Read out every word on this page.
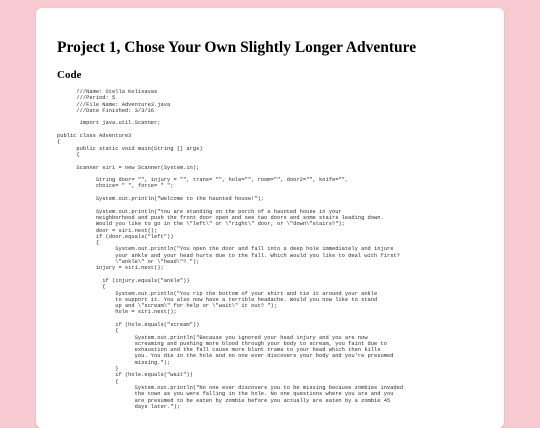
Project 1, Chose Your Own Slightly Longer Adventure
Code
///Name: Stella Kolisavas
///Period: 5
///File Name: Adventure3.java
///Date Finished: 3/3/16
import java.util.Scanner;
public class Adventure3
{
public static void main(String [] args)
{
Scanner siri = new Scanner(System.in);
String door= "", injury = "", trans= "", hole="", room="", door2="", knife="",
choice= " ", force= " ";
System.out.println("Welcome to the haunted house!");
System.out.println("You are standing on the porch of a haunted house in your
neighborhood and push the front door open and see two doors and some stairs leading down.
Would you like to go in the \"left\" or \"right\" door, or \"down\"stairs?");
door = siri.next();
if (door.equals("left"))
{
System.out.println("You open the door and fall into a deep hole immediately and injure
your ankle and your head hurts due to the fall. Which would you like to deal with first?
\"ankle\" or \"head\"? ");
injury = siri.next();
if (injury.equals("ankle"))
{
System.out.println("You rip the bottom of your shirt and tie it around your ankle
to support it. You also now have a terrible headache. Would you now like to stand
up and \"scream\" for help or \"wait\" it out? ");
hole = siri.next();
if (hole.equals("scream"))
{
System.out.println("Because you ignored your head injury and you are now
screaming and pushing more blood through your body to scream, you faint due to
exhaustion and the fall cause more blunt trama to your head which then kills
you. You die in the hole and no one ever discovers your body and you're presumed
missing.");
}
if (hole.equals("wait"))
{
System.out.println("No one ever discovers you to be missing because zombies invaded
the town as you were falling in the hole. No one questions where you are and you
are presumed to be eaten by zombie before you actually are eaten by a zombie 45
days later.");
